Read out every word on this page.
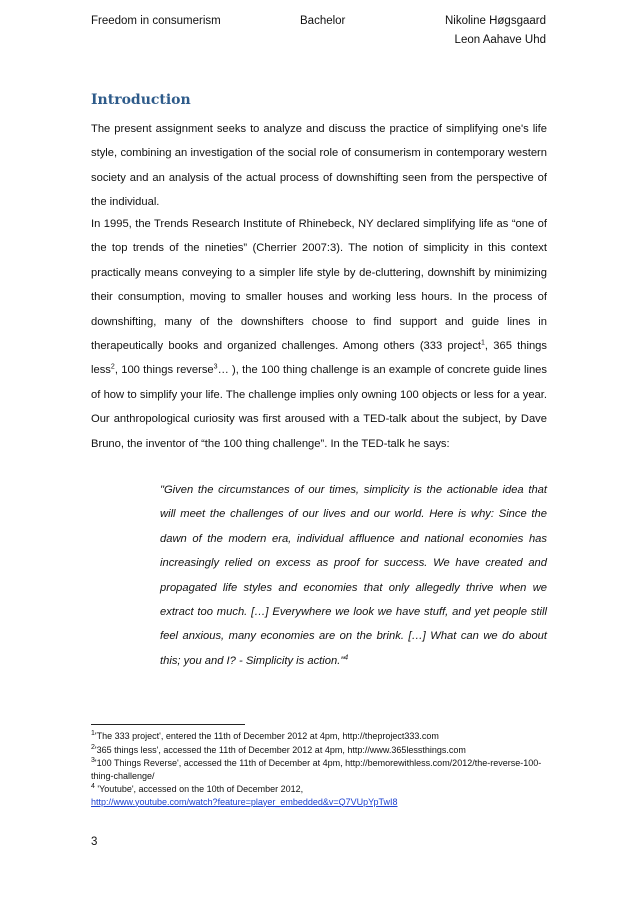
Freedom in consumerism	Bachelor	Nikoline Høgsgaard
Leon Aahave Uhd
Introduction

The present assignment seeks to analyze and discuss the practice of simplifying one's life style, combining an investigation of the social role of consumerism in contemporary western society and an analysis of the actual process of downshifting seen from the perspective of the individual.

In 1995, the Trends Research Institute of Rhinebeck, NY declared simplifying life as “one of the top trends of the nineties” (Cherrier 2007:3). The notion of simplicity in this context practically means conveying to a simpler life style by de-cluttering, downshift by minimizing their consumption, moving to smaller houses and working less hours. In the process of downshifting, many of the downshifters choose to find support and guide lines in therapeutically books and organized challenges. Among others (333 project$^1$, 365 things less$^2$, 100 things reverse$^3$… ), the 100 thing challenge is an example of concrete guide lines of how to simplify your life. The challenge implies only owning 100 objects or less for a year. Our anthropological curiosity was first aroused with a TED-talk about the subject, by Dave Bruno, the inventor of “the 100 thing challenge”. In the TED-talk he says:

"Given the circumstances of our times, simplicity is the actionable idea that will meet the challenges of our lives and our world. Here is why: Since the dawn of the modern era, individual affluence and national economies has increasingly relied on excess as proof for success. We have created and propagated life styles and economies that only allegedly thrive when we extract too much. […] Everywhere we look we have stuff, and yet people still feel anxious, many economies are on the brink. […] What can we do about this; you and I? - Simplicity is action."$^4$

$^1$'The 333 project', entered the 11th of December 2012 at 4pm, http://theproject333.com

$^2$'365 things less', accessed the 11th of December 2012 at 4pm, http://www.365lessthings.com

$^3$'100 Things Reverse', accessed the 11th of December at 4pm, http://bemorewithless.com/2012/the-reverse-100-thing-challenge/

$^4$ 'Youtube', accessed on the 10th of December 2012,
http://www.youtube.com/watch?feature=player_embedded&v=Q7VUpYpTwI8

3
